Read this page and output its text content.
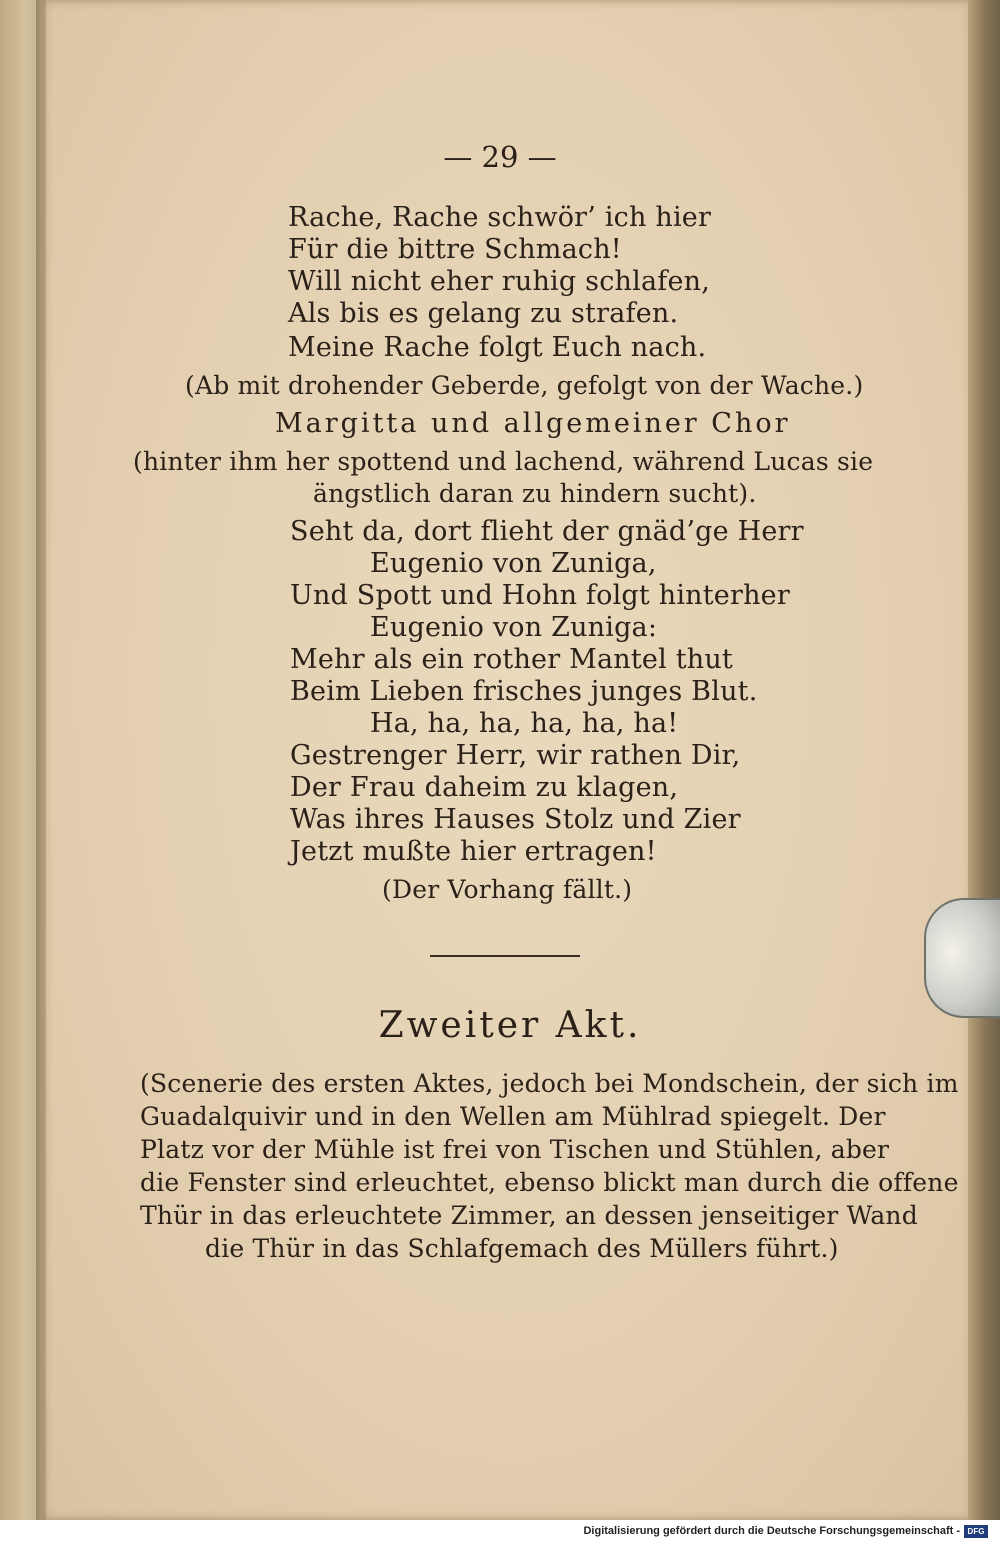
— 29 —
Rache, Rache schwör’ ich hier
Für die bittre Schmach!
Will nicht eher ruhig schlafen,
Als bis es gelang zu strafen.
Meine Rache folgt Euch nach.
(Ab mit drohender Geberde, gefolgt von der Wache.)
Margitta und allgemeiner Chor
(hinter ihm her spottend und lachend, während Lucas sie
ängstlich daran zu hindern sucht).
Seht da, dort flieht der gnäd’ge Herr
Eugenio von Zuniga,
Und Spott und Hohn folgt hinterher
Eugenio von Zuniga:
Mehr als ein rother Mantel thut
Beim Lieben frisches junges Blut.
Ha, ha, ha, ha, ha, ha!
Gestrenger Herr, wir rathen Dir,
Der Frau daheim zu klagen,
Was ihres Hauses Stolz und Zier
Jetzt mußte hier ertragen!
(Der Vorhang fällt.)
Zweiter Akt.
(Scenerie des ersten Aktes, jedoch bei Mondschein, der sich im
Guadalquivir und in den Wellen am Mühlrad spiegelt. Der
Platz vor der Mühle ist frei von Tischen und Stühlen, aber
die Fenster sind erleuchtet, ebenso blickt man durch die offene
Thür in das erleuchtete Zimmer, an dessen jenseitiger Wand
die Thür in das Schlafgemach des Müllers führt.)
Digitalisierung gefördert durch die Deutsche Forschungsgemeinschaft - DFG
